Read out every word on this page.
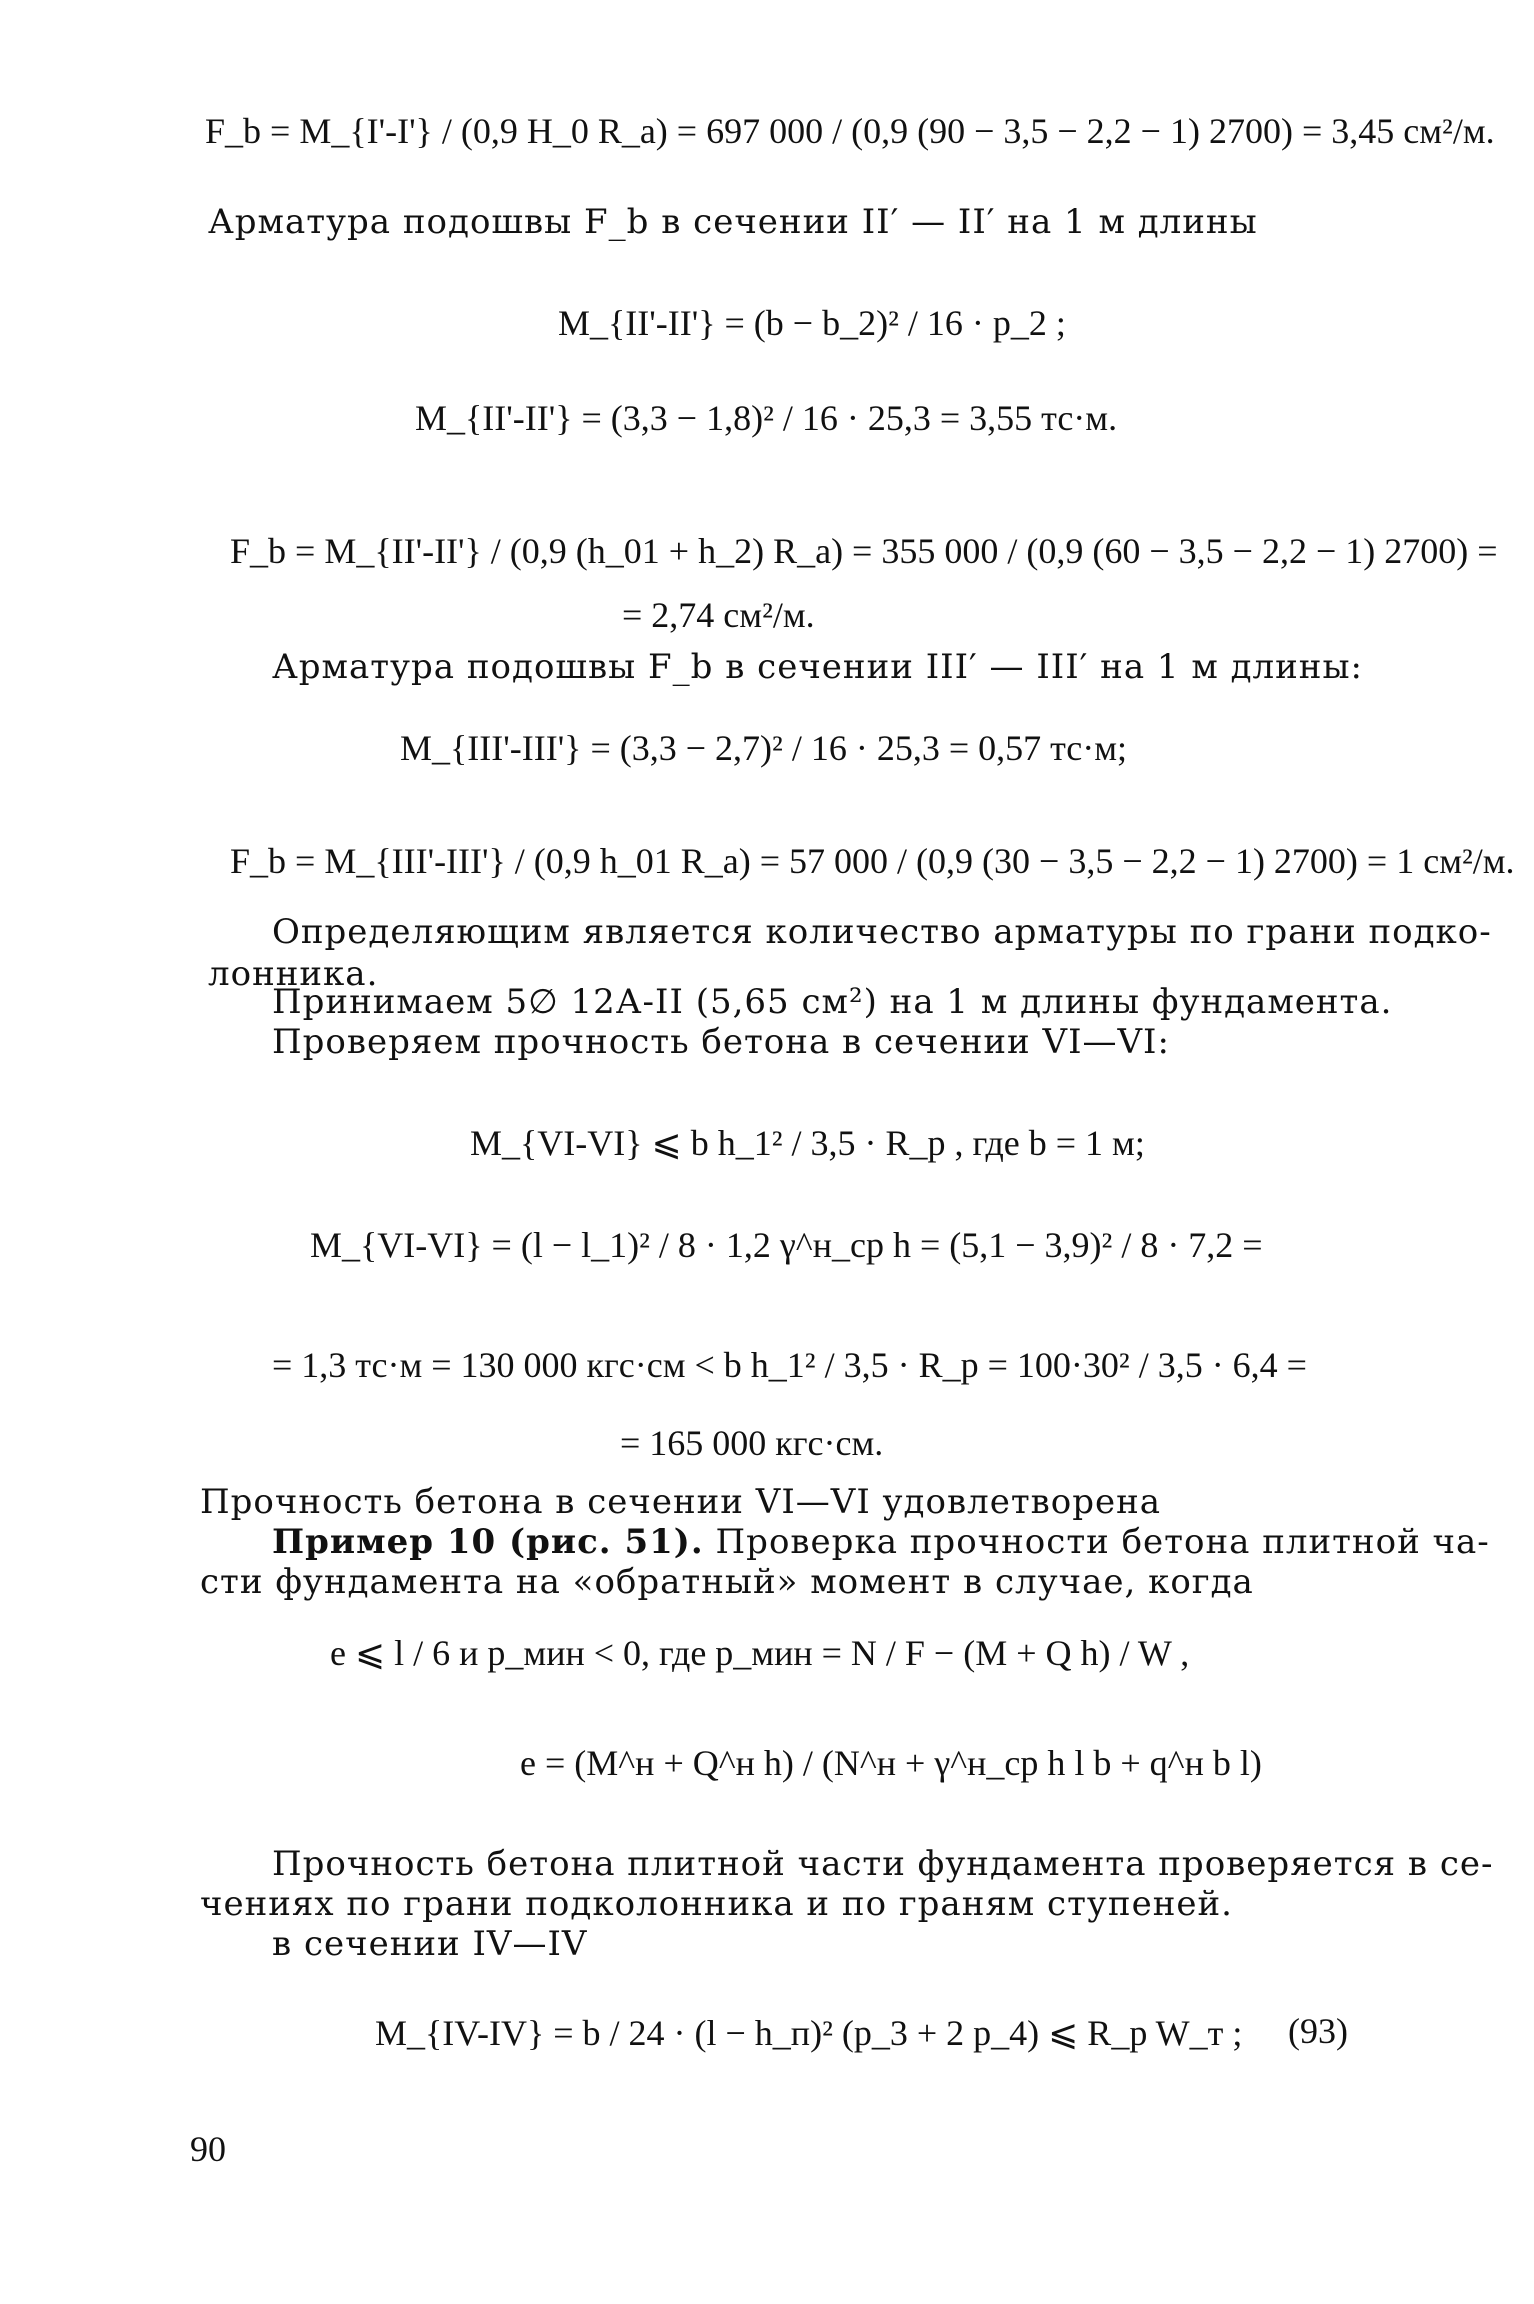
F_b = M_{I'-I'} / (0,9 H_0 R_a) = 697 000 / (0,9 (90 − 3,5 − 2,2 − 1) 2700) = 3,45 см²/м.
Арматура подошвы F_b в сечении II′ — II′ на 1 м длины
M_{II'-II'} = (b − b_2)² / 16 · p_2 ;
M_{II'-II'} = (3,3 − 1,8)² / 16 · 25,3 = 3,55 тс·м.
F_b = M_{II'-II'} / (0,9 (h_01 + h_2) R_a) = 355 000 / (0,9 (60 − 3,5 − 2,2 − 1) 2700) =
= 2,74 см²/м.
Арматура подошвы F_b в сечении III′ — III′ на 1 м длины:
M_{III'-III'} = (3,3 − 2,7)² / 16 · 25,3 = 0,57 тс·м;
F_b = M_{III'-III'} / (0,9 h_01 R_a) = 57 000 / (0,9 (30 − 3,5 − 2,2 − 1) 2700) = 1 см²/м.
Определяющим является количество арматуры по грани подко-
лонника.
Принимаем 5∅ 12А-II (5,65 см²) на 1 м длины фундамента.
Проверяем прочность бетона в сечении VI—VI:
M_{VI-VI} ⩽ b h_1² / 3,5 · R_p , где b = 1 м;
M_{VI-VI} = (l − l_1)² / 8 · 1,2 γ^н_ср h = (5,1 − 3,9)² / 8 · 7,2 =
= 1,3 тс·м = 130 000 кгс·см < b h_1² / 3,5 · R_p = 100·30² / 3,5 · 6,4 =
= 165 000 кгс·см.
Прочность бетона в сечении VI—VI удовлетворена
Пример 10 (рис. 51). Проверка прочности бетона плитной ча-
сти фундамента на «обратный» момент в случае, когда
e ⩽ l / 6 и p_мин < 0, где p_мин = N / F − (M + Q h) / W ,
e = (M^н + Q^н h) / (N^н + γ^н_ср h l b + q^н b l)
Прочность бетона плитной части фундамента проверяется в се-
чениях по грани подколонника и по граням ступеней.
в сечении IV—IV
M_{IV-IV} = b / 24 · (l − h_п)² (p_3 + 2 p_4) ⩽ R_p W_т ; (93)
90
